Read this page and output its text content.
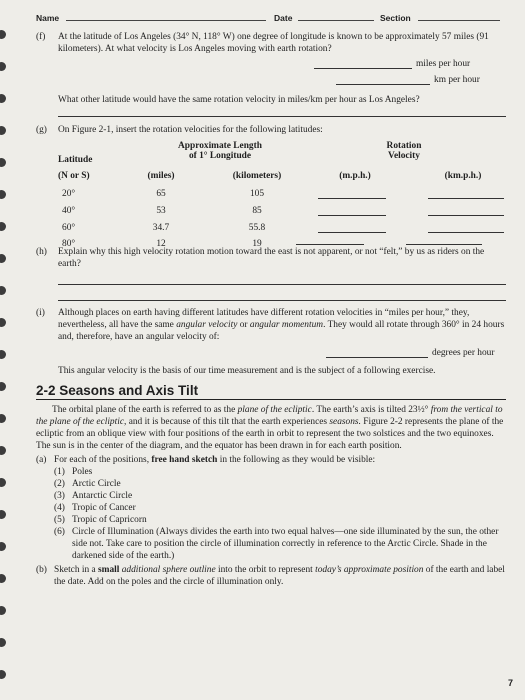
Name	Date	Section
(f) At the latitude of Los Angeles (34° N, 118° W) one degree of longitude is known to be approximately 57 miles (91 kilometers). At what velocity is Los Angeles moving with earth rotation?
miles per hour
km per hour
What other latitude would have the same rotation velocity in miles/km per hour as Los Angeles?
(g) On Figure 2-1, insert the rotation velocities for the following latitudes:
Approximate Length
of 1° Longitude
Rotation
Velocity
Latitude
(N or S)	(miles)	(kilometers)	(m.p.h.)	(km.p.h.)
20°	65	105
40°	53	85
60°	34.7	55.8
80°	12	19
(h) Explain why this high velocity rotation motion toward the east is not apparent, or not “felt,” by us as riders on the earth?
(i) Although places on earth having different latitudes have different rotation velocities in “miles per hour,” they, nevertheless, all have the same angular velocity or angular momentum. They would all rotate through 360° in 24 hours and, therefore, have an angular velocity of:
degrees per hour
This angular velocity is the basis of our time measurement and is the subject of a following exercise.
2-2 Seasons and Axis Tilt
The orbital plane of the earth is referred to as the plane of the ecliptic. The earth’s axis is tilted 23½° from the vertical to the plane of the ecliptic, and it is because of this tilt that the earth experiences seasons. Figure 2-2 represents the plane of the ecliptic from an oblique view with four positions of the earth in orbit to represent the two solstices and the two equinoxes. The sun is in the center of the diagram, and the equator has been drawn in for each earth position.
(a) For each of the positions, free hand sketch in the following as they would be visible:
(1) Poles
(2) Arctic Circle
(3) Antarctic Circle
(4) Tropic of Cancer
(5) Tropic of Capricorn
(6) Circle of Illumination (Always divides the earth into two equal halves—one side illuminated by the sun, the other side not. Take care to position the circle of illumination correctly in reference to the Arctic Circle. Shade in the darkened side of the earth.)
(b) Sketch in a small additional sphere outline into the orbit to represent today’s approximate position of the earth and label the date. Add on the poles and the circle of illumination only.
7
